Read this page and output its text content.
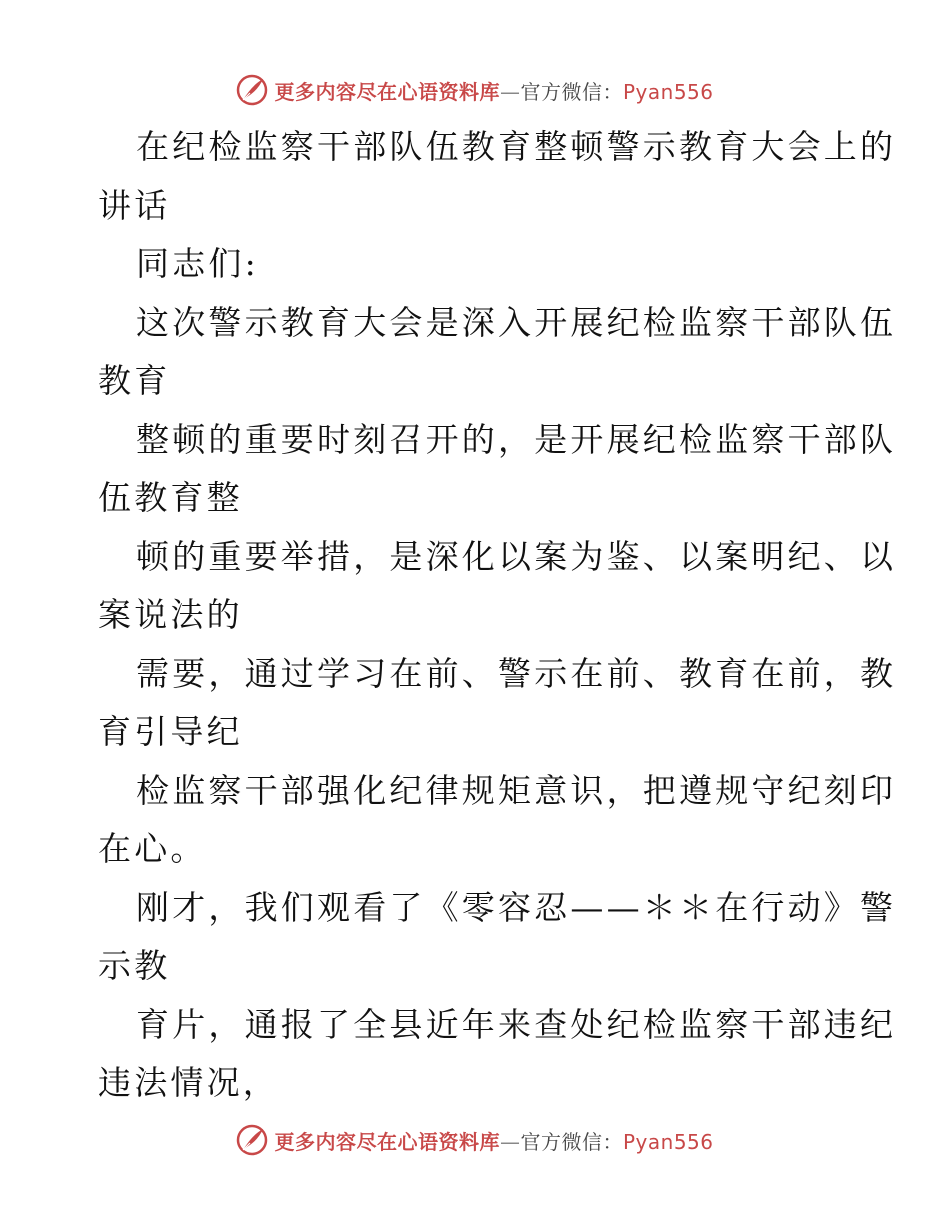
更多内容尽在心语资料库—官方微信：Pyan556
在纪检监察干部队伍教育整顿警示教育大会上的
讲话
同志们:
这次警示教育大会是深入开展纪检监察干部队伍
教育
整顿的重要时刻召开的，是开展纪检监察干部队
伍教育整
顿的重要举措，是深化以案为鉴、以案明纪、以
案说法的
需要，通过学习在前、警示在前、教育在前，教
育引导纪
检监察干部强化纪律规矩意识，把遵规守纪刻印
在心。
刚才，我们观看了《零容忍——＊＊在行动》警
示教
育片，通报了全县近年来查处纪检监察干部违纪
违法情况，
更多内容尽在心语资料库—官方微信：Pyan556
